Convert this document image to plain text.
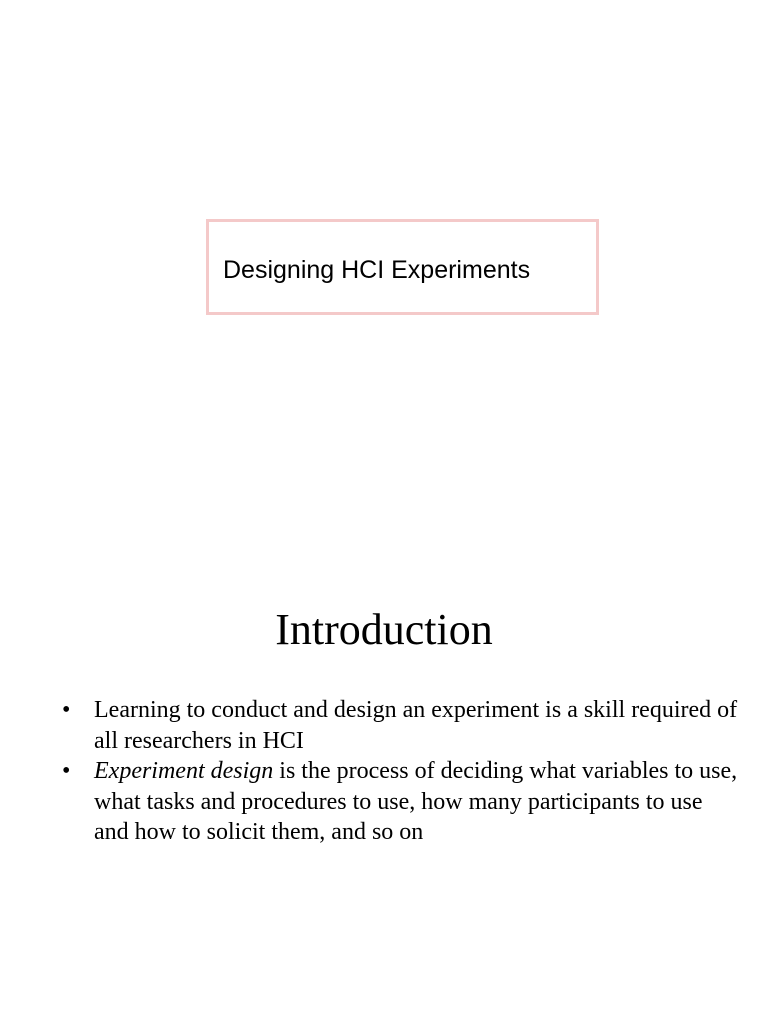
Designing HCI Experiments
Introduction
• Learning to conduct and design an experiment is a skill required of all researchers in HCI
• Experiment design is the process of deciding what variables to use, what tasks and procedures to use, how many participants to use and how to solicit them, and so on
